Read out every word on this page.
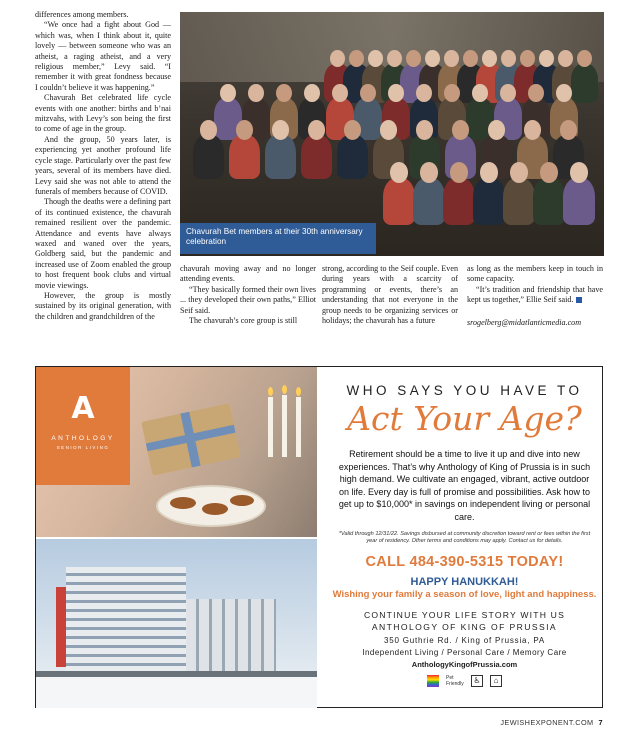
differences among members.

“We once had a fight about God — which was, when I think about it, quite lovely — between someone who was an atheist, a raging atheist, and a very religious member,” Levy said. “I remember it with great fondness because I couldn’t believe it was happening.”

Chavurah Bet celebrated life cycle events with one another: births and b’nai mitzvahs, with Levy’s son being the first to come of age in the group.

And the group, 50 years later, is experiencing yet another profound life cycle stage. Particularly over the past few years, several of its members have died. Levy said she was not able to attend the funerals of members because of COVID.

Though the deaths were a defining part of its continued existence, the chavurah remained resilient over the pandemic. Attendance and events have always waxed and waned over the years, Goldberg said, but the pandemic and increased use of Zoom enabled the group to host frequent book clubs and virtual movie viewings.

However, the group is mostly sustained by its original generation, with the children and grandchildren of the

Chavurah Bet members at their 30th anniversary celebration

chavurah moving away and no longer attending events.

“They basically formed their own lives ... they developed their own paths,” Elliot Seif said.

The chavurah’s core group is still

strong, according to the Seif couple. Even during years with a scarcity of programming or events, there’s an understanding that not everyone in the group needs to be organizing services or holidays; the chavurah has a future

as long as the members keep in touch in some capacity.

“It’s tradition and friendship that have kept us together,” Ellie Seif said.

srogelberg@midatlanticmedia.com

A
ANTHOLOGY
SENIOR LIVING
WHO SAYS YOU HAVE TO
Act Your Age?
Retirement should be a time to live it up and dive into new experiences. That’s why Anthology of King of Prussia is in such high demand. We cultivate an engaged, vibrant, active outdoor on life. Every day is full of promise and possibilities. Ask how to get up to $10,000* in savings on independent living or personal care.
*Valid through 12/31/22. Savings disbursed at community discretion toward rent or fees within the first year of residency. Other terms and conditions may apply. Contact us for details.
CALL 484-390-5315 TODAY!
HAPPY HANUKKAH!
Wishing your family a season of love, light and happiness.
CONTINUE YOUR LIFE STORY WITH US
ANTHOLOGY OF KING OF PRUSSIA
350 Guthrie Rd. / King of Prussia, PA
Independent Living / Personal Care / Memory Care
AnthologyKingofPrussia.com
Pet Friendly	♿	⌂
JEWISHEXPONENT.COM 7
